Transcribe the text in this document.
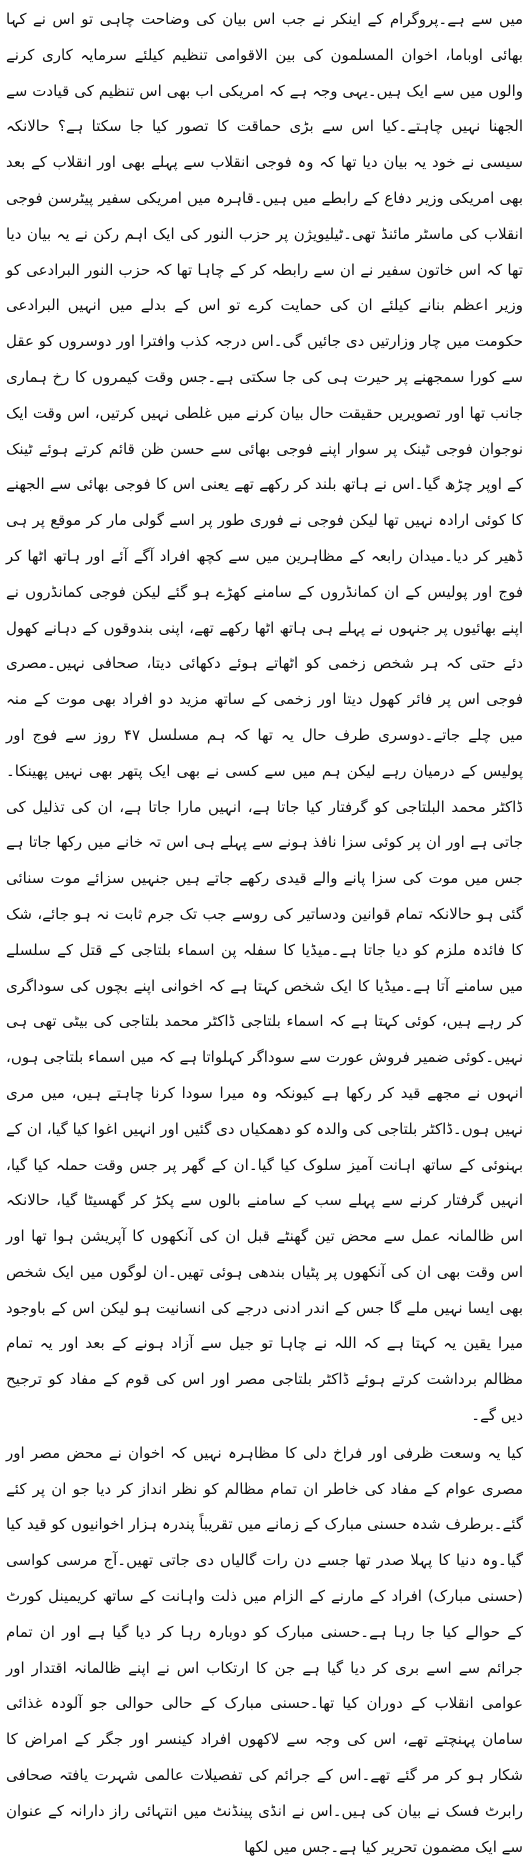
میں سے ہے۔پروگرام کے اینکر نے جب اس بیان کی وضاحت چاہی تو اس نے کہا بھائی اوباما، اخوان المسلمون کی بین الاقوامی تنظیم کیلئے سرمایہ کاری کرنے والوں میں سے ایک ہیں۔یہی وجہ ہے کہ امریکی اب بھی اس تنظیم کی قیادت سے الجھنا نہیں چاہتے۔کیا اس سے بڑی حماقت کا تصور کیا جا سکتا ہے؟ حالانکہ سیسی نے خود یہ بیان دیا تھا کہ وہ فوجی انقلاب سے پہلے بھی اور انقلاب کے بعد بھی امریکی وزیر دفاع کے رابطے میں ہیں۔قاہرہ میں امریکی سفیر پیٹرسن فوجی انقلاب کی ماسٹر مائنڈ تھی۔ٹیلیویژن پر حزب النور کی ایک اہم رکن نے یہ بیان دیا تھا کہ اس خاتون سفیر نے ان سے رابطہ کر کے چاہا تھا کہ حزب النور البرادعی کو وزیر اعظم بنانے کیلئے ان کی حمایت کرے تو اس کے بدلے میں انہیں البرادعی حکومت میں چار وزارتیں دی جائیں گی۔اس درجہ کذب وافترا اور دوسروں کو عقل سے کورا سمجھنے پر حیرت ہی کی جا سکتی ہے۔جس وقت کیمروں کا رخ ہماری جانب تھا اور تصویریں حقیقت حال بیان کرنے میں غلطی نہیں کرتیں، اس وقت ایک نوجوان فوجی ٹینک پر سوار اپنے فوجی بھائی سے حسن ظن قائم کرتے ہوئے ٹینک کے اوپر چڑھ گیا۔اس نے ہاتھ بلند کر رکھے تھے یعنی اس کا فوجی بھائی سے الجھنے کا کوئی ارادہ نہیں تھا لیکن فوجی نے فوری طور پر اسے گولی مار کر موقع پر ہی ڈھیر کر دیا۔میدان رابعہ کے مظاہرین میں سے کچھ افراد آگے آئے اور ہاتھ اٹھا کر فوج اور پولیس کے ان کمانڈروں کے سامنے کھڑے ہو گئے لیکن فوجی کمانڈروں نے اپنے بھائیوں پر جنہوں نے پہلے ہی ہاتھ اٹھا رکھے تھے، اپنی بندوقوں کے دہانے کھول دئے حتی کہ ہر شخص زخمی کو اٹھاتے ہوئے دکھائی دیتا، صحافی نہیں۔مصری فوجی اس پر فائر کھول دیتا اور زخمی کے ساتھ مزید دو افراد بھی موت کے منہ میں چلے جاتے۔دوسری طرف حال یہ تھا کہ ہم مسلسل ۴۷ روز سے فوج اور پولیس کے درمیان رہے لیکن ہم میں سے کسی نے بھی ایک پتھر بھی نہیں پھینکا۔ڈاکٹر محمد البلتاجی کو گرفتار کیا جاتا ہے، انہیں مارا جاتا ہے، ان کی تذلیل کی جاتی ہے اور ان پر کوئی سزا نافذ ہونے سے پہلے ہی اس تہ خانے میں رکھا جاتا ہے جس میں موت کی سزا پانے والے قیدی رکھے جاتے ہیں جنہیں سزائے موت سنائی گئی ہو حالانکہ تمام قوانین ودساتیر کی روسے جب تک جرم ثابت نہ ہو جائے، شک کا فائدہ ملزم کو دیا جاتا ہے۔میڈیا کا سفلہ پن اسماء بلتاجی کے قتل کے سلسلے میں سامنے آتا ہے۔میڈیا کا ایک شخص کہتا ہے کہ اخوانی اپنے بچوں کی سوداگری کر رہے ہیں، کوئی کہتا ہے کہ اسماء بلتاجی ڈاکٹر محمد بلتاجی کی بیٹی تھی ہی نہیں۔کوئی ضمیر فروش عورت سے سوداگر کہلواتا ہے کہ میں اسماء بلتاجی ہوں، انہوں نے مجھے قید کر رکھا ہے کیونکہ وہ میرا سودا کرنا چاہتے ہیں، میں مری نہیں ہوں۔ڈاکٹر بلتاجی کی والدہ کو دھمکیاں دی گئیں اور انہیں اغوا کیا گیا، ان کے بہنوئی کے ساتھ اہانت آمیز سلوک کیا گیا۔ان کے گھر پر جس وقت حملہ کیا گیا، انہیں گرفتار کرنے سے پہلے سب کے سامنے بالوں سے پکڑ کر گھسیٹا گیا، حالانکہ اس ظالمانہ عمل سے محض تین گھنٹے قبل ان کی آنکھوں کا آپریشن ہوا تھا اور اس وقت بھی ان کی آنکھوں پر پٹیاں بندھی ہوئی تھیں۔ان لوگوں میں ایک شخص بھی ایسا نہیں ملے گا جس کے اندر ادنی درجے کی انسانیت ہو لیکن اس کے باوجود میرا یقین یہ کہتا ہے کہ اللہ نے چاہا تو جیل سے آزاد ہونے کے بعد اور یہ تمام مظالم برداشت کرتے ہوئے ڈاکٹر بلتاجی مصر اور اس کی قوم کے مفاد کو ترجیح دیں گے۔

کیا یہ وسعت ظرفی اور فراخ دلی کا مظاہرہ نہیں کہ اخوان نے محض مصر اور مصری عوام کے مفاد کی خاطر ان تمام مظالم کو نظر انداز کر دیا جو ان پر کئے گئے۔برطرف شدہ حسنی مبارک کے زمانے میں تقریباً پندرہ ہزار اخوانیوں کو قید کیا گیا۔وہ دنیا کا پہلا صدر تھا جسے دن رات گالیاں دی جاتی تھیں۔آج مرسی کواسی (حسنی مبارک) افراد کے مارنے کے الزام میں ذلت واہانت کے ساتھ کریمینل کورٹ کے حوالے کیا جا رہا ہے۔حسنی مبارک کو دوبارہ رہا کر دیا گیا ہے اور ان تمام جرائم سے اسے بری کر دیا گیا ہے جن کا ارتکاب اس نے اپنے ظالمانہ اقتدار اور عوامی انقلاب کے دوران کیا تھا۔حسنی مبارک کے حالی حوالی جو آلودہ غذائی سامان پہنچتے تھے، اس کی وجہ سے لاکھوں افراد کینسر اور جگر کے امراض کا شکار ہو کر مر گئے تھے۔اس کے جرائم کی تفصیلات عالمی شہرت یافتہ صحافی رابرٹ فسک نے بیان کی ہیں۔اس نے انڈی پینڈنٹ میں انتہائی راز دارانہ کے عنوان سے ایک مضمون تحریر کیا ہے۔جس میں لکھا
